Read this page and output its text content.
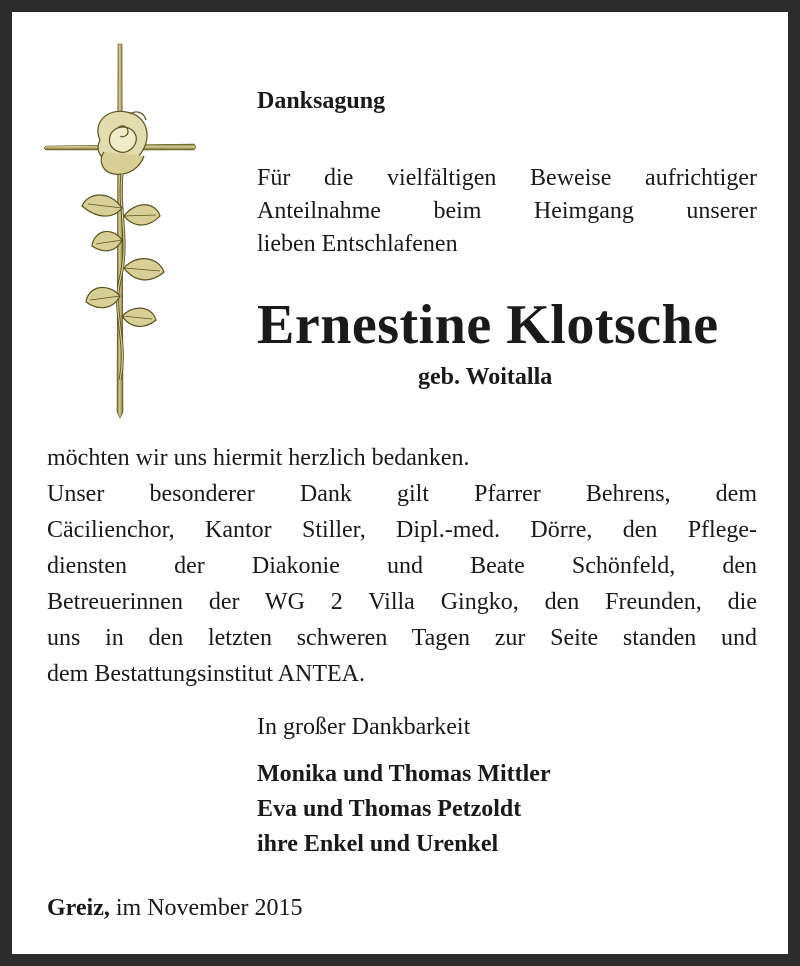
Danksagung

Für die vielfältigen Beweise aufrichtiger
Anteilnahme beim Heimgang unserer
lieben Entschlafenen

Ernestine Klotsche

geb. Woitalla

möchten wir uns hiermit herzlich bedanken.
Unser besonderer Dank gilt Pfarrer Behrens, dem
Cäcilienchor, Kantor Stiller, Dipl.-med. Dörre, den Pflege-
diensten der Diakonie und Beate Schönfeld, den
Betreuerinnen der WG 2 Villa Gingko, den Freunden, die
uns in den letzten schweren Tagen zur Seite standen und
dem Bestattungsinstitut ANTEA.

In großer Dankbarkeit

Monika und Thomas Mittler
Eva und Thomas Petzoldt
ihre Enkel und Urenkel

Greiz, im November 2015
